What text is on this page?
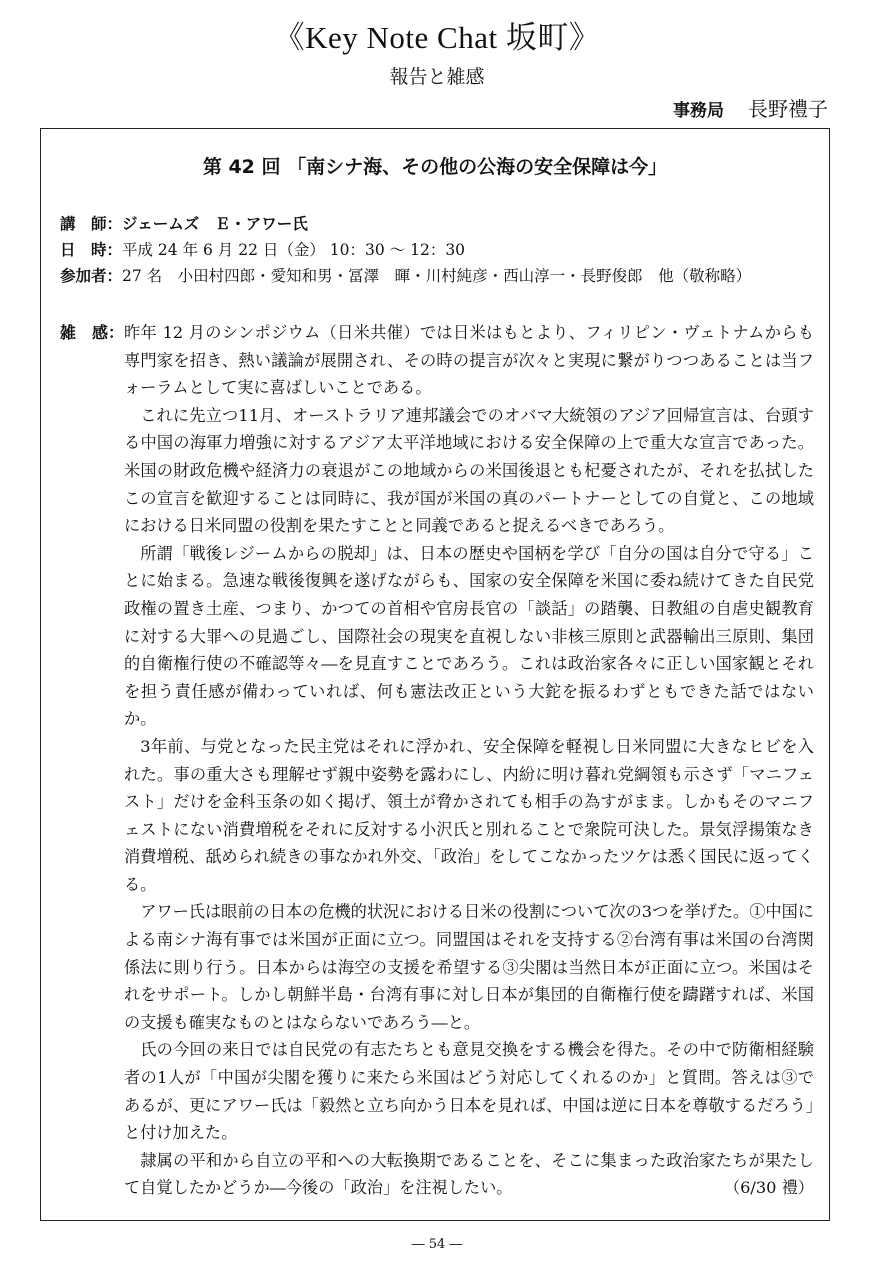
《Key Note Chat 坂町》
報告と雑感
事務局 長野禮子
第 42 回 「南シナ海、その他の公海の安全保障は今」
講　師： ジェームズ　Ｅ・アワー氏
日　時： 平成 24 年 6 月 22 日（金） 10：30 ～ 12：30
参加者： 27 名　小田村四郎・愛知和男・冨澤　暉・川村純彦・西山淳一・長野俊郎　他（敬称略）
雑　感： 昨年 12 月のシンポジウム（日米共催）では日米はもとより、フィリピン・ヴェトナムからも専門家を招き、熱い議論が展開され、その時の提言が次々と実現に繋がりつつあることは当フォーラムとして実に喜ばしいことである。

これに先立つ11月、オーストラリア連邦議会でのオバマ大統領のアジア回帰宣言は、台頭する中国の海軍力増強に対するアジア太平洋地域における安全保障の上で重大な宣言であった。米国の財政危機や経済力の衰退がこの地域からの米国後退とも杞憂されたが、それを払拭したこの宣言を歓迎することは同時に、我が国が米国の真のパートナーとしての自覚と、この地域における日米同盟の役割を果たすことと同義であると捉えるべきであろう。

所謂「戦後レジームからの脱却」は、日本の歴史や国柄を学び「自分の国は自分で守る」ことに始まる。急速な戦後復興を遂げながらも、国家の安全保障を米国に委ね続けてきた自民党政権の置き土産、つまり、かつての首相や官房長官の「談話」の踏襲、日教組の自虐史観教育に対する大罪への見過ごし、国際社会の現実を直視しない非核三原則と武器輸出三原則、集団的自衛権行使の不確認等々―を見直すことであろう。これは政治家各々に正しい国家観とそれを担う責任感が備わっていれば、何も憲法改正という大鉈を振るわずともできた話ではないか。

3年前、与党となった民主党はそれに浮かれ、安全保障を軽視し日米同盟に大きなヒビを入れた。事の重大さも理解せず親中姿勢を露わにし、内紛に明け暮れ党綱領も示さず「マニフェスト」だけを金科玉条の如く掲げ、領土が脅かされても相手の為すがまま。しかもそのマニフェストにない消費増税をそれに反対する小沢氏と別れることで衆院可決した。景気浮揚策なき消費増税、舐められ続きの事なかれ外交、「政治」をしてこなかったツケは悉く国民に返ってくる。

アワー氏は眼前の日本の危機的状況における日米の役割について次の3つを挙げた。①中国による南シナ海有事では米国が正面に立つ。同盟国はそれを支持する②台湾有事は米国の台湾関係法に則り行う。日本からは海空の支援を希望する③尖閣は当然日本が正面に立つ。米国はそれをサポート。しかし朝鮮半島・台湾有事に対し日本が集団的自衛権行使を躊躇すれば、米国の支援も確実なものとはならないであろう―と。

氏の今回の来日では自民党の有志たちとも意見交換をする機会を得た。その中で防衛相経験者の1人が「中国が尖閣を獲りに来たら米国はどう対応してくれるのか」と質問。答えは③であるが、更にアワー氏は「毅然と立ち向かう日本を見れば、中国は逆に日本を尊敬するだろう」と付け加えた。

隷属の平和から自立の平和への大転換期であることを、そこに集まった政治家たちが果たして自覚したかどうか―今後の「政治」を注視したい。	（6/30 禮）

― 54 ―
